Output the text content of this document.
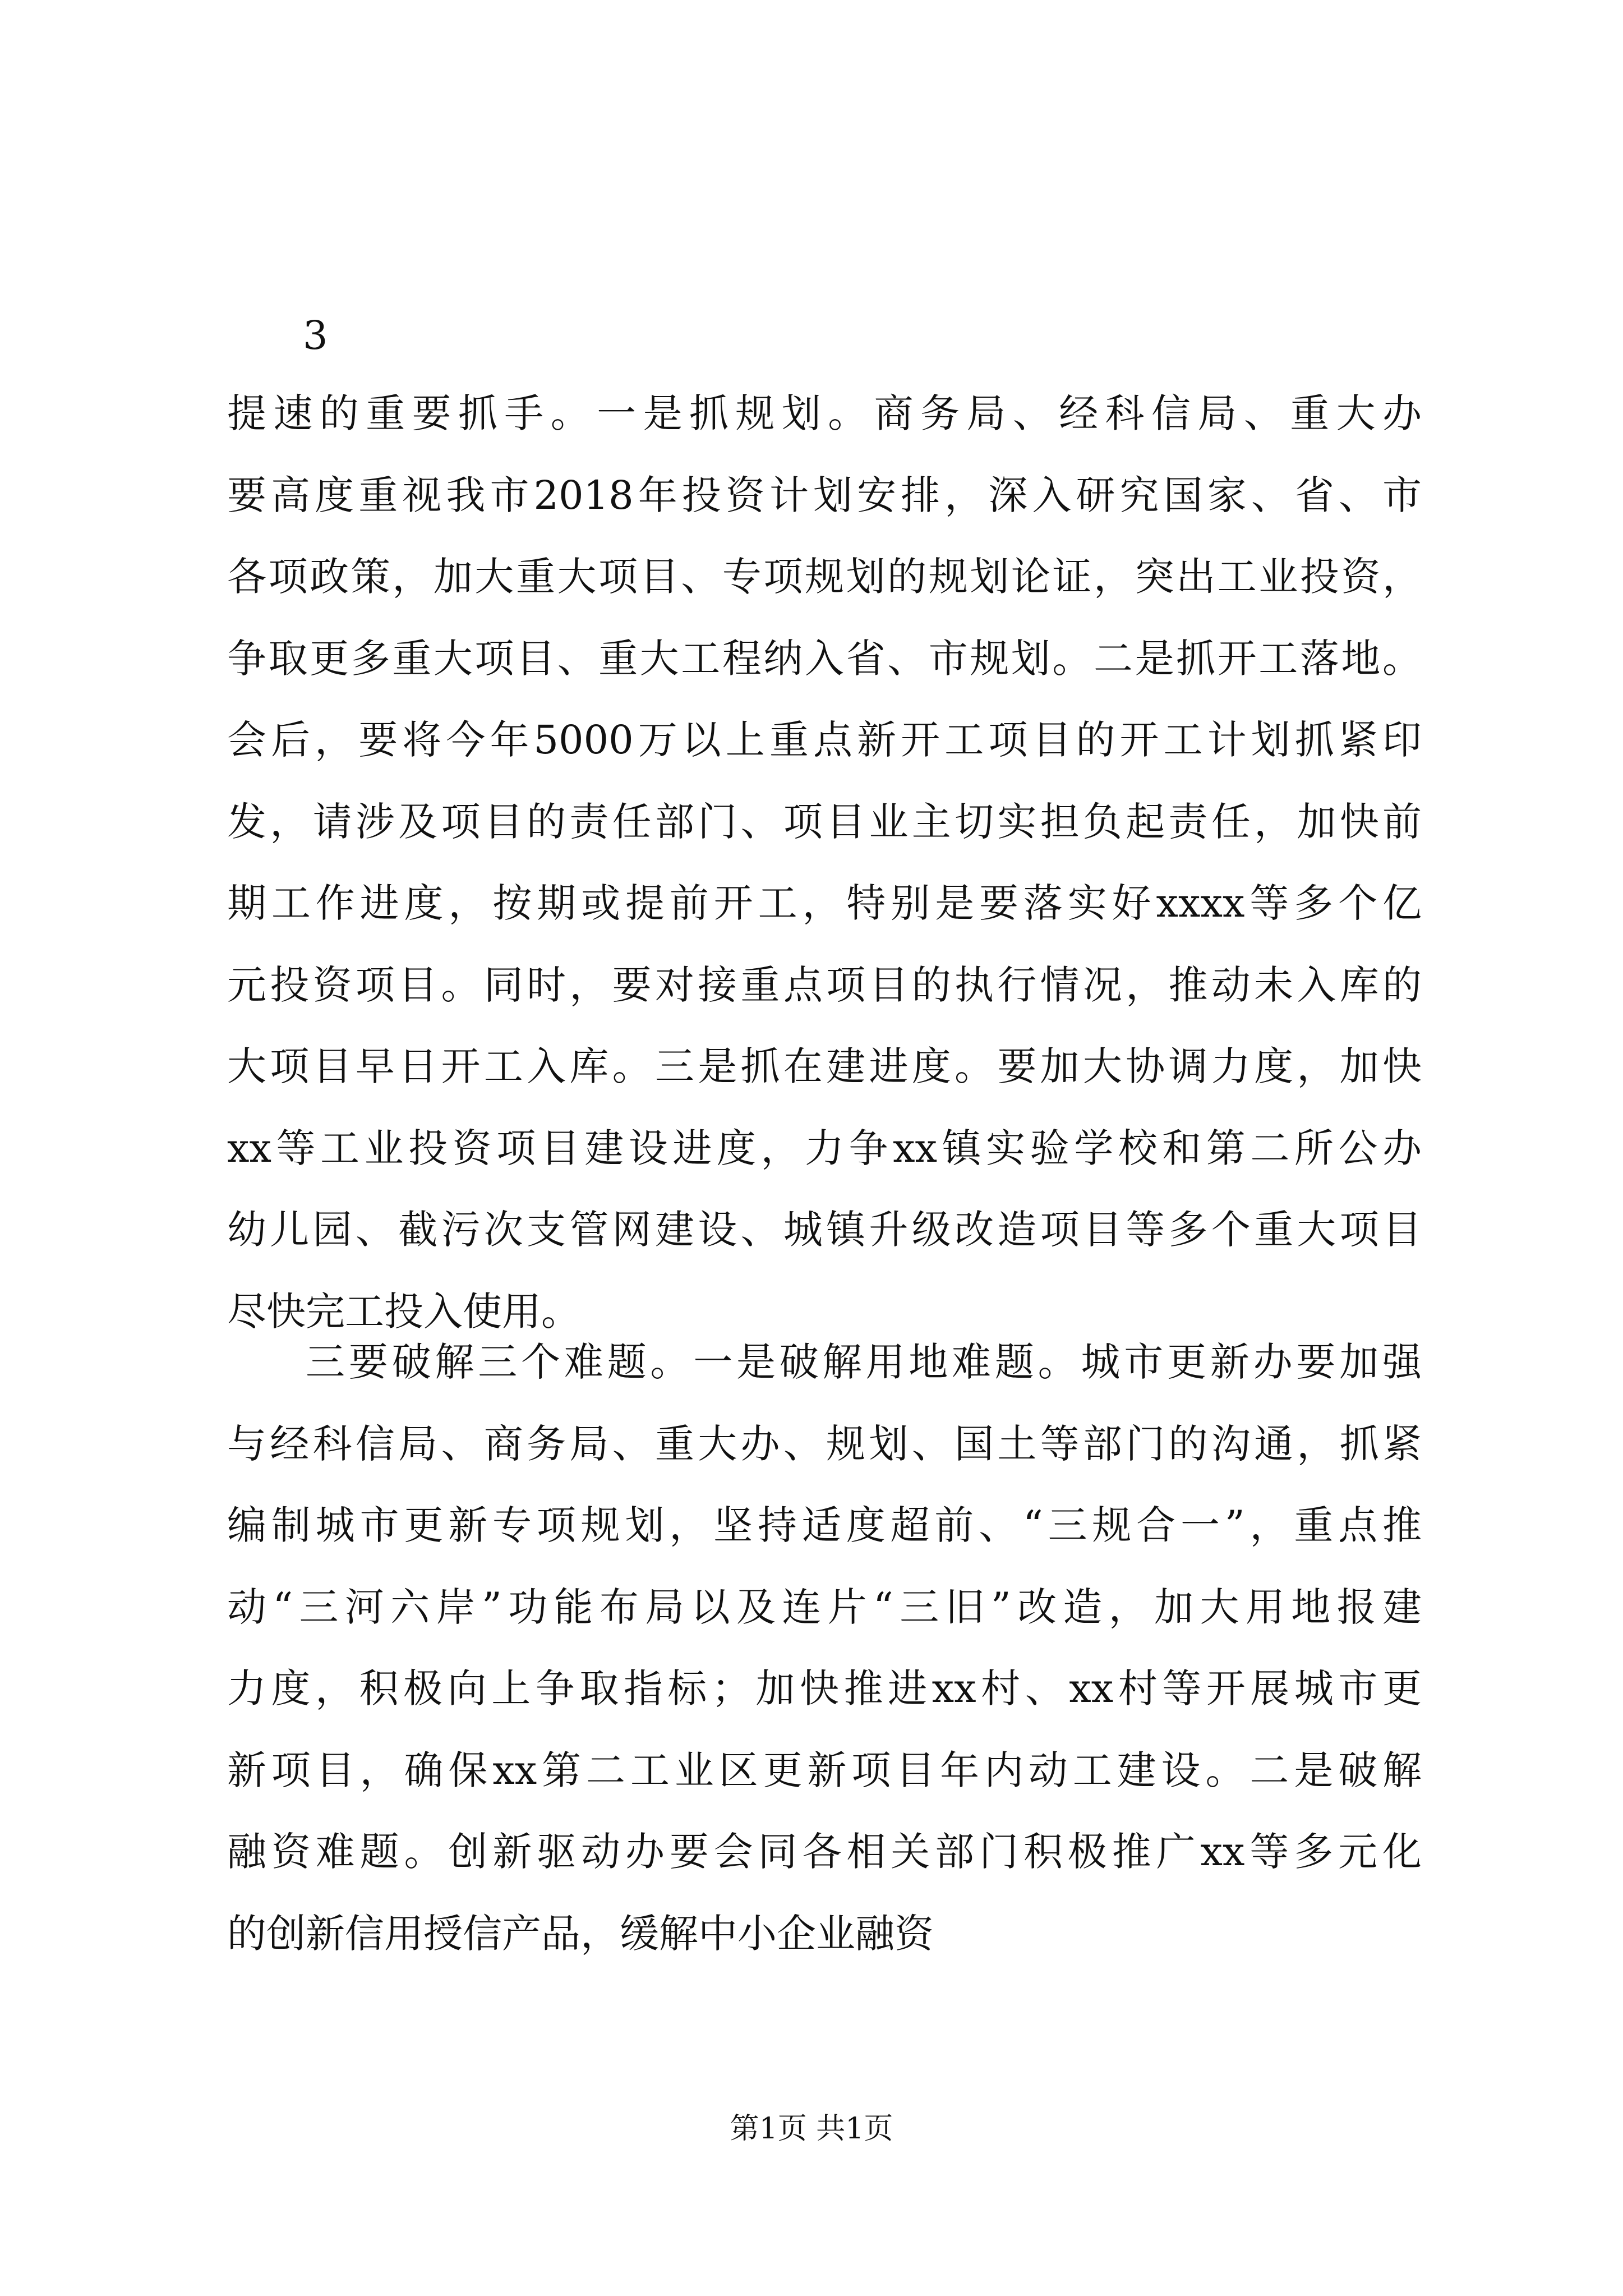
3
提速的重要抓手。一是抓规划。商务局、经科信局、重大办
要高度重视我市2018年投资计划安排，深入研究国家、省、市
各项政策，加大重大项目、专项规划的规划论证，突出工业投资，
争取更多重大项目、重大工程纳入省、市规划。二是抓开工落地。
会后，要将今年5000万以上重点新开工项目的开工计划抓紧印
发，请涉及项目的责任部门、项目业主切实担负起责任，加快前
期工作进度，按期或提前开工，特别是要落实好xxxx等多个亿
元投资项目。同时，要对接重点项目的执行情况，推动未入库的
大项目早日开工入库。三是抓在建进度。要加大协调力度，加快
xx等工业投资项目建设进度，力争xx镇实验学校和第二所公办
幼儿园、截污次支管网建设、城镇升级改造项目等多个重大项目
尽快完工投入使用。
三要破解三个难题。一是破解用地难题。城市更新办要加强
与经科信局、商务局、重大办、规划、国土等部门的沟通，抓紧
编制城市更新专项规划，坚持适度超前、“三规合一”，重点推
动“三河六岸”功能布局以及连片“三旧”改造，加大用地报建
力度，积极向上争取指标；加快推进xx村、xx村等开展城市更
新项目，确保xx第二工业区更新项目年内动工建设。二是破解
融资难题。创新驱动办要会同各相关部门积极推广xx等多元化
的创新信用授信产品，缓解中小企业融资
第1页 共1页
